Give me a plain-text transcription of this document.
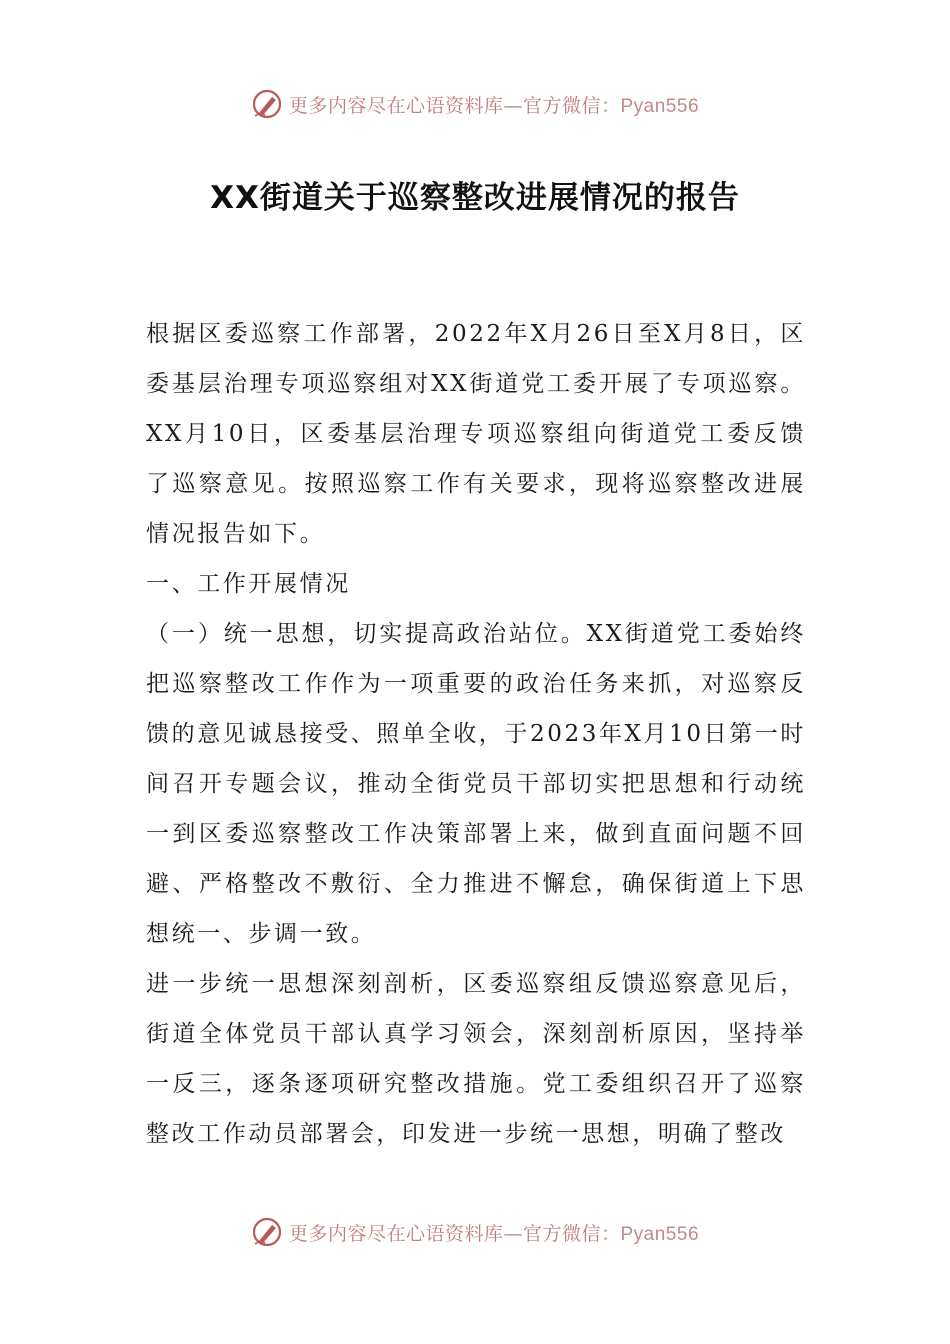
更多内容尽在心语资料库—官方微信：Pyan556
XX街道关于巡察整改进展情况的报告

根据区委巡察工作部署，2022年X月26日至X月8日，区委基层治理专项巡察组对XX街道党工委开展了专项巡察。XX月10日，区委基层治理专项巡察组向街道党工委反馈了巡察意见。按照巡察工作有关要求，现将巡察整改进展情况报告如下。

一、工作开展情况

（一）统一思想，切实提高政治站位。XX街道党工委始终把巡察整改工作作为一项重要的政治任务来抓，对巡察反馈的意见诚恳接受、照单全收，于2023年X月10日第一时间召开专题会议，推动全街党员干部切实把思想和行动统一到区委巡察整改工作决策部署上来，做到直面问题不回避、严格整改不敷衍、全力推进不懈怠，确保街道上下思想统一、步调一致。

进一步统一思想深刻剖析，区委巡察组反馈巡察意见后，街道全体党员干部认真学习领会，深刻剖析原因，坚持举一反三，逐条逐项研究整改措施。党工委组织召开了巡察整改工作动员部署会，印发进一步统一思想，明确了整改

更多内容尽在心语资料库—官方微信：Pyan556
